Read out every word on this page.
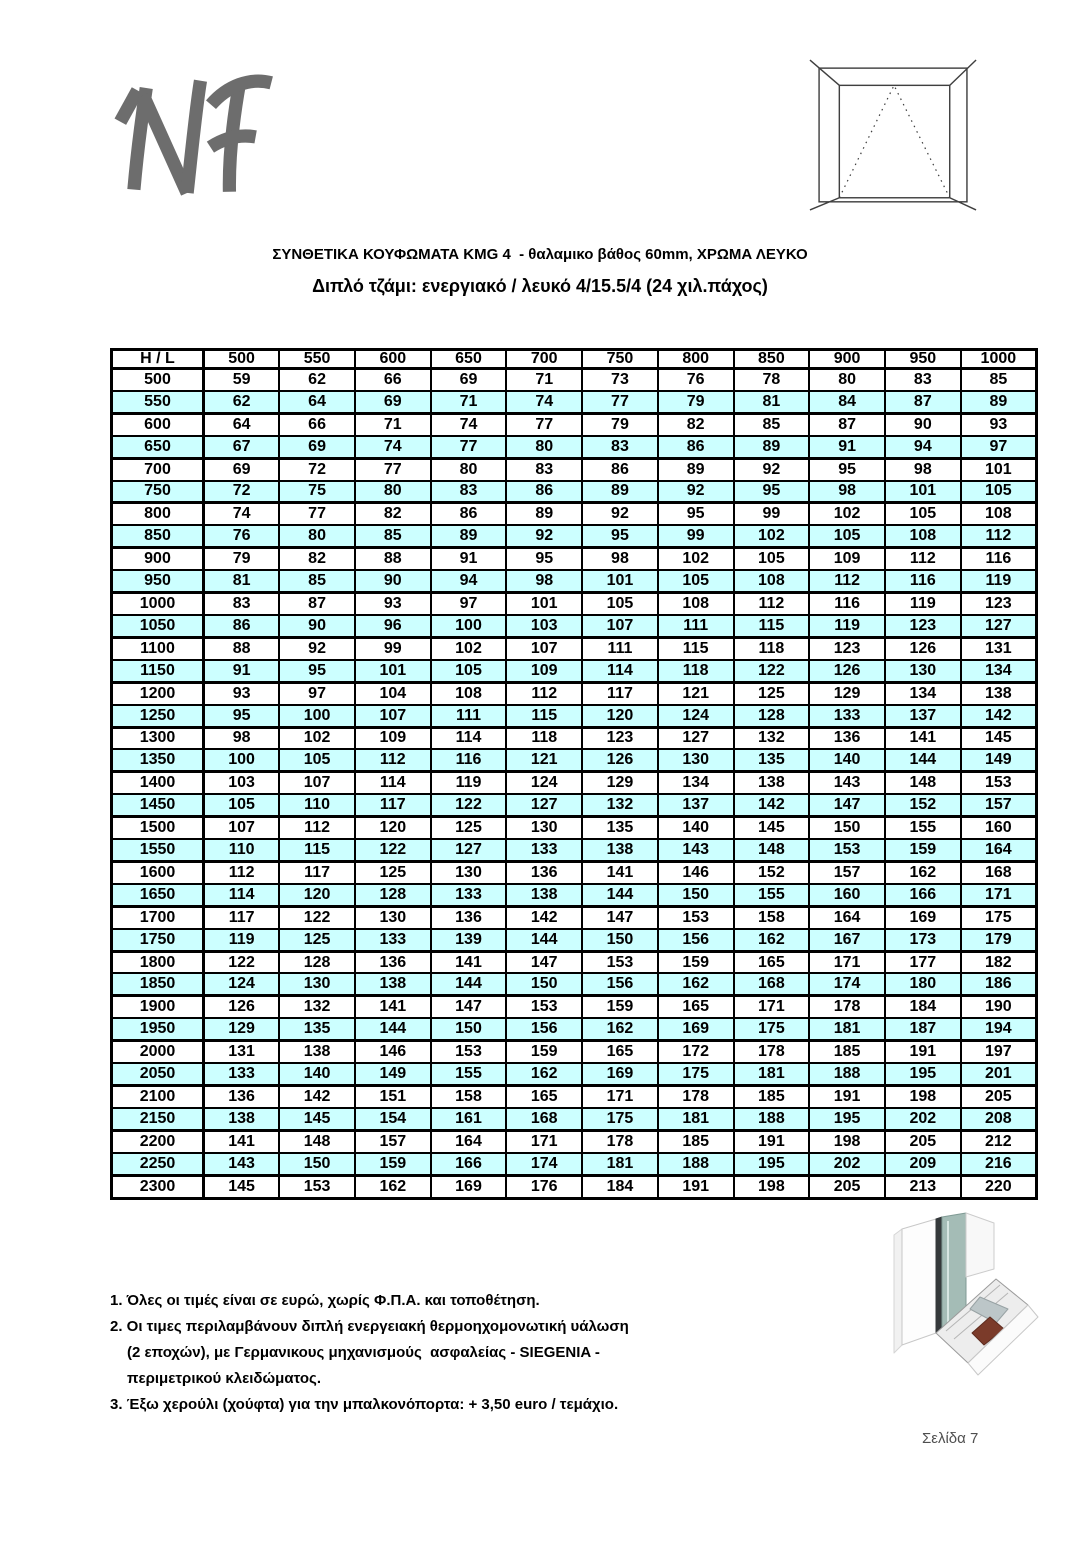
ΣΥΝΘΕΤΙΚΑ ΚΟΥΦΩΜΑΤΑ KMG 4  - θαλαμικο βάθος 60mm, ΧΡΩΜΑ ΛΕΥΚΟ
Διπλό τζάμι: ενεργιακό / λευκό 4/15.5/4 (24 χιλ.πάχος)
H / L	500	550	600	650	700	750	800	850	900	950	1000
500	59	62	66	69	71	73	76	78	80	83	85
550	62	64	69	71	74	77	79	81	84	87	89
600	64	66	71	74	77	79	82	85	87	90	93
650	67	69	74	77	80	83	86	89	91	94	97
700	69	72	77	80	83	86	89	92	95	98	101
750	72	75	80	83	86	89	92	95	98	101	105
800	74	77	82	86	89	92	95	99	102	105	108
850	76	80	85	89	92	95	99	102	105	108	112
900	79	82	88	91	95	98	102	105	109	112	116
950	81	85	90	94	98	101	105	108	112	116	119
1000	83	87	93	97	101	105	108	112	116	119	123
1050	86	90	96	100	103	107	111	115	119	123	127
1100	88	92	99	102	107	111	115	118	123	126	131
1150	91	95	101	105	109	114	118	122	126	130	134
1200	93	97	104	108	112	117	121	125	129	134	138
1250	95	100	107	111	115	120	124	128	133	137	142
1300	98	102	109	114	118	123	127	132	136	141	145
1350	100	105	112	116	121	126	130	135	140	144	149
1400	103	107	114	119	124	129	134	138	143	148	153
1450	105	110	117	122	127	132	137	142	147	152	157
1500	107	112	120	125	130	135	140	145	150	155	160
1550	110	115	122	127	133	138	143	148	153	159	164
1600	112	117	125	130	136	141	146	152	157	162	168
1650	114	120	128	133	138	144	150	155	160	166	171
1700	117	122	130	136	142	147	153	158	164	169	175
1750	119	125	133	139	144	150	156	162	167	173	179
1800	122	128	136	141	147	153	159	165	171	177	182
1850	124	130	138	144	150	156	162	168	174	180	186
1900	126	132	141	147	153	159	165	171	178	184	190
1950	129	135	144	150	156	162	169	175	181	187	194
2000	131	138	146	153	159	165	172	178	185	191	197
2050	133	140	149	155	162	169	175	181	188	195	201
2100	136	142	151	158	165	171	178	185	191	198	205
2150	138	145	154	161	168	175	181	188	195	202	208
2200	141	148	157	164	171	178	185	191	198	205	212
2250	143	150	159	166	174	181	188	195	202	209	216
2300	145	153	162	169	176	184	191	198	205	213	220
1. Όλες οι τιμές είναι σε ευρώ, χωρίς Φ.Π.Α. και τοποθέτηση.
2. Οι τιμες περιλαμβάνουν διπλή ενεργειακή θερμοηχομονωτική υάλωση
(2 εποχών), με Γερμανικους μηχανισμούς  ασφαλείας - SIEGENIA -
περιμετρικού κλειδώματος.
3. Έξω χερούλι (χούφτα) για την μπαλκονόπορτα: + 3,50 euro / τεμάχιο.
Σελίδα 7
